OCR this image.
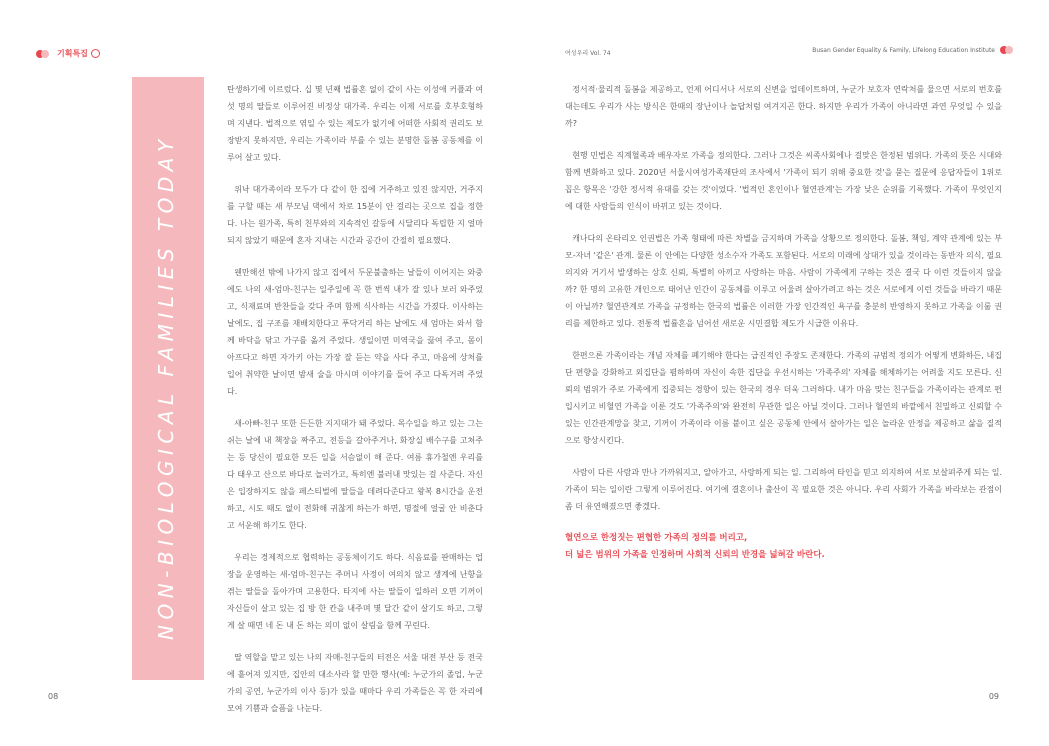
기획특집	여성우리 Vol. 74	Busan Gender Equality & Family, Lifelong Education Institute
NON-BIOLOGICAL FAMILIES TODAY

탄생하기에 이르렀다. 십 몇 년째 법률혼 없이 같이 사는 이성애 커플과 여섯 명의 딸들로 이루어진 비정상 대가족. 우리는 이제 서로를 호부호형하며 지낸다. 법적으로 엮일 수 있는 제도가 없기에 어떠한 사회적 권리도 보장받지 못하지만, 우리는 가족이라 부를 수 있는 분명한 돌봄 공동체를 이루어 살고 있다.

위낙 대가족이라 모두가 다 같이 한 집에 거주하고 있진 않지만, 거주지를 구할 때는 새 부모님 댁에서 차로 15분이 안 걸리는 곳으로 집을 정한다. 나는 원가족, 특히 친부와의 지속적인 갈등에 시달리다 독립한 지 얼마 되지 않았기 때문에 혼자 지내는 시간과 공간이 간절히 필요했다.

웬만해선 밖에 나가지 않고 집에서 두문불출하는 날들이 이어지는 와중에도 나의 새-엄마-친구는 일주일에 꼭 한 번씩 내가 잘 있나 보러 와주었고, 식재료며 반찬들을 갖다 주며 함께 식사하는 시간을 가졌다. 이사하는 날에도, 집 구조를 재배치한다고 푸닥거리 하는 날에도 새 엄마는 와서 함께 바닥을 닦고 가구를 옮겨 주었다. 생일이면 미역국을 끓여 주고, 몸이 아프다고 하면 자가키 아는 가장 잘 듣는 약을 사다 주고, 마음에 상처를 입어 취약한 날이면 밤새 술을 마시며 이야기를 들어 주고 다독거려 주었다.

새-아빠-친구 또한 든든한 지지대가 돼 주었다. 목수일을 하고 있는 그는 쉬는 날에 내 책장을 짜주고, 전등을 갈아주거나, 화장실 배수구를 고쳐주는 등 당신이 필요한 모든 일을 서슴없이 해 준다. 여름 휴가철엔 우리를 다 태우고 산으로 바다로 놀러가고, 특히엔 불러내 맛있는 걸 사준다. 자신은 입장하지도 않을 페스티벌에 딸들을 데려다준다고 왕복 8시간을 운전하고, 시도 때도 없이 전화해 귀찮게 하는가 하면, 명절에 얼굴 안 비춘다고 서운해 하기도 한다.

우리는 경제적으로 협력하는 공동체이기도 하다. 식음료를 판매하는 업장을 운영하는 새-엄마-친구는 주머니 사정이 여의치 않고 생계에 난항을 겪는 딸들을 돌아가며 고용한다. 타지에 사는 딸들이 일하러 오면 기꺼이 자신들이 살고 있는 집 방 한 칸을 내주며 몇 달간 같이 살기도 하고, 그렇게 살 때면 네 돈 내 돈 하는 의미 없이 살림을 함께 꾸린다.

딸 역할을 맡고 있는 나의 자매-친구들의 터전은 서울 대전 부산 등 전국에 흩어져 있지만, 집안의 대소사라 할 만한 행사(예: 누군가의 졸업, 누군가의 공연, 누군가의 이사 등)가 있을 때마다 우리 가족들은 꼭 한 자리에 모여 기쁨과 슬픔을 나눈다.

정서적·물리적 돌봄을 제공하고, 언제 어디서나 서로의 신변을 업데이트하며, 누군가 보호자 연락처를 물으면 서로의 번호를 대는데도 우리가 사는 방식은 한때의 장난이나 놀답처럼 여겨지곤 한다. 하지만 우리가 가족이 아니라면 과연 무엇일 수 있을까?

현행 민법은 직계혈족과 배우자로 가족을 정의한다. 그러나 그것은 씨족사회에나 걸맞은 한정된 범위다. 가족의 뜻은 시대와 함께 변화하고 있다. 2020년 서울시여성가족재단의 조사에서 '가족이 되기 위해 중요한 것'을 묻는 질문에 응답자들이 1위로 꼽은 항목은 '강한 정서적 유대를 갖는 것'이었다. '법적인 혼인이나 혈연관계'는 가장 낮은 순위를 기록했다. 가족이 무엇인지에 대한 사람들의 인식이 바뀌고 있는 것이다.

캐나다의 온타리오 인권법은 가족 형태에 따른 차별을 금지하며 가족을 상황으로 정의한다. 돌봄, 책임, 계약 관계에 있는 부모-자녀 '같은' 관계. 물론 이 안에는 다양한 성소수자 가족도 포함된다. 서로의 미래에 상대가 있을 것이라는 동반자 의식, 필요 의지와 거기서 발생하는 상호 신뢰, 특별히 아끼고 사랑하는 마음. 사람이 가족에게 구하는 것은 결국 다 이런 것들이지 않을까? 한 명의 고유한 개인으로 태어난 인간이 공동체를 이루고 어울려 살아가려고 하는 것은 서로에게 이런 것들을 바라기 때문이 아닐까? 혈연관계로 가족을 규정하는 한국의 법률은 이러한 가장 인간적인 욕구를 충분히 반영하지 못하고 가족을 이룰 권리를 제한하고 있다. 전통적 법률혼을 넘어선 새로운 시민결합 제도가 시급한 이유다.

한편으론 가족이라는 개념 자체를 폐기해야 한다는 급진적인 주장도 존재한다. 가족의 규범적 정의가 어떻게 변화하든, 내집단 편향을 강화하고 외집단을 폄하하며 자신이 속한 집단을 우선시하는 '가족주의' 자체를 해체하기는 어려울 지도 모른다. 신뢰의 범위가 주로 가족에게 집중되는 경향이 있는 한국의 경우 더욱 그러하다. 내가 마음 맞는 친구들을 가족이라는 관계로 편입시키고 비혈연 가족을 이룬 것도 '가족주의'와 완전히 무관한 일은 아닐 것이다. 그러나 혈연의 바깥에서 친밀하고 신뢰할 수 있는 인간관계망을 찾고, 기꺼이 가족이라 이름 붙이고 싶은 공동체 안에서 살아가는 일은 놀라운 안정을 제공하고 삶을 질적으로 향상시킨다.

사람이 다른 사람과 만나 가까워지고, 알아가고, 사랑하게 되는 일. 그리하여 타인을 믿고 의지하여 서로 보살펴주게 되는 일. 가족이 되는 일이란 그렇게 이루어진다. 여기에 결혼이나 출산이 꼭 필요한 것은 아니다. 우리 사회가 가족을 바라보는 관점이 좀 더 유연해졌으면 좋겠다.

혈연으로 한정짓는 편협한 가족의 정의를 버리고,
더 넓은 범위의 가족을 인정하며 사회적 신뢰의 반경을 넓혀갈 바란다.
08	09
